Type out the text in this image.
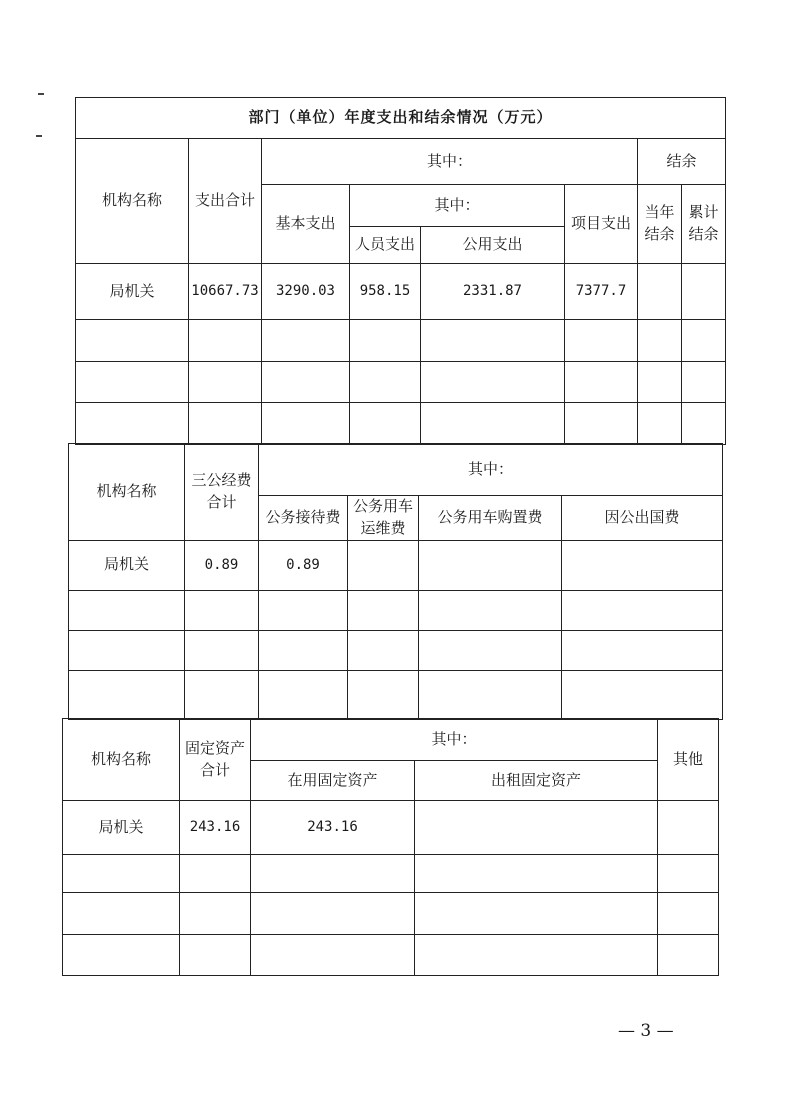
部门（单位）年度支出和结余情况（万元）							
机构名称	支出合计	其中：				结余	
		基本支出	其中：		项目支出	当年结余	累计结余
			人员支出	公用支出			
局机关	10667.73	3290.03	958.15	2331.87	7377.7		

机构名称	三公经费合计	其中：			
		公务接待费	公务用车运维费	公务用车购置费	因公出国费
局机关	0.89	0.89			

机构名称	固定资产合计	其中：		其他
		在用固定资产	出租固定资产	
局机关	243.16	243.16		

— 3 —
